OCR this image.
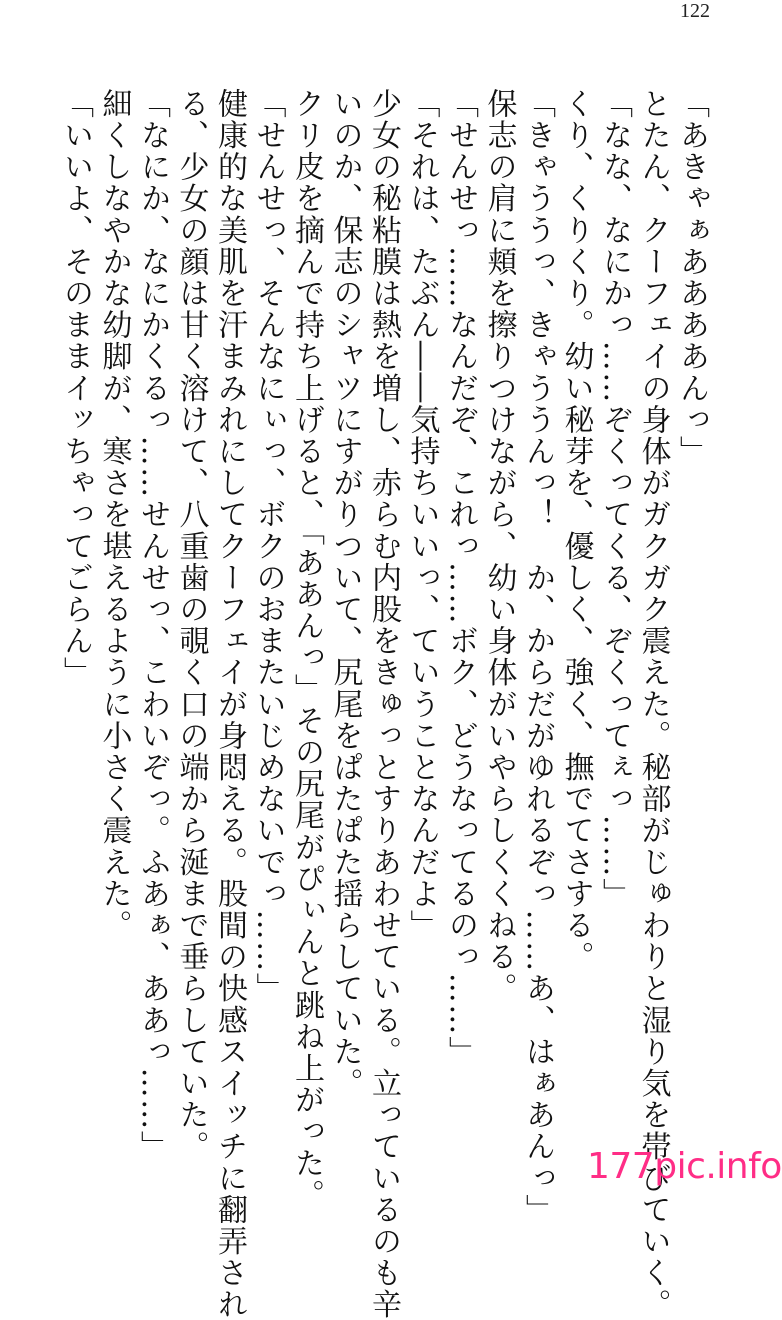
122
「あきゃぁああああんっ」
とたん、クーフェイの身体がガクガク震えた。秘部がじゅわりと湿り気を帯びていく。
「なな、なにかっ……ぞくってくる、ぞくってぇっ……」
くり、くりくり。幼い秘芽を、優しく、強く、撫でてさする。
「きゃううっ、きゃううんっ！　か、からだがゆれるぞっ……あ、はぁあんっ」
保志の肩に頬を擦りつけながら、幼い身体がいやらしくくねる。
「せんせっ……なんだぞ、これっ……ボク、どうなってるのっ……」
「それは、たぶん――気持ちいいっ、ていうことなんだよ」
少女の秘粘膜は熱を増し、赤らむ内股をきゅっとすりあわせている。立っているのも辛
いのか、保志のシャツにすがりついて、尻尾をぱたぱた揺らしていた。
クリ皮を摘んで持ち上げると、「ああんっ」その尻尾がぴぃんと跳ね上がった。
「せんせっ、そんなにぃっ、ボクのおまたいじめないでっ……」
健康的な美肌を汗まみれにしてクーフェイが身悶える。股間の快感スイッチに翻弄され
る、少女の顔は甘く溶けて、八重歯の覗く口の端から涎まで垂らしていた。
「なにか、なにかくるっ……せんせっ、こわいぞっ。ふあぁ、ああっ……」
細くしなやかな幼脚が、寒さを堪えるように小さく震えた。
「いいよ、そのままイッちゃってごらん」
177pic.info
